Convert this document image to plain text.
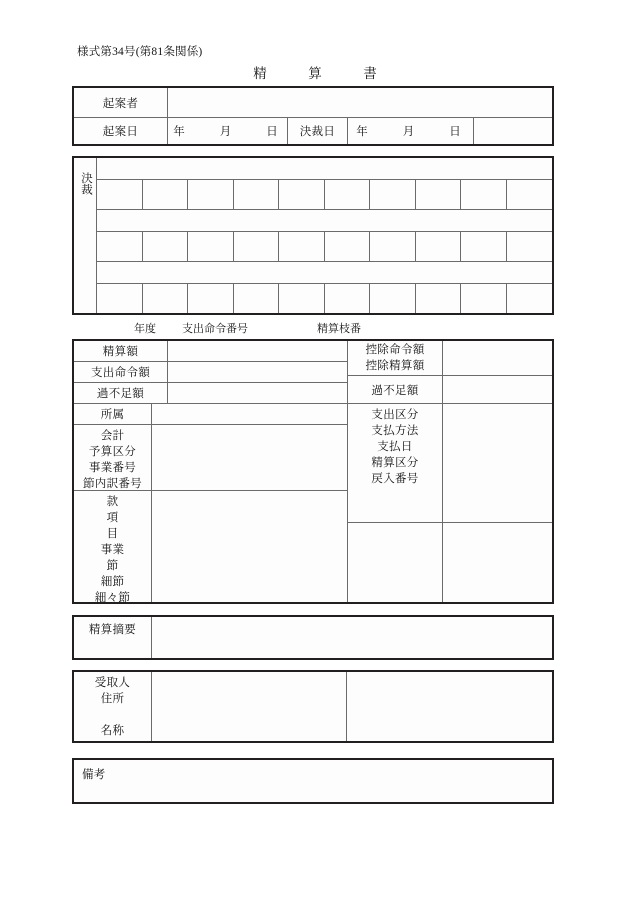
様式第34号(第81条関係)
精　算　書
起案者
起案日	年　　月　　日	決裁日	年　　月　　日
決裁
年度 支出命令番号	精算枝番
精算額
支出命令額
過不足額
所属
会計
予算区分
事業番号
節内訳番号
款
項
目
事業
節
細節
細々節
控除命令額
控除精算額
過不足額
支出区分
支払方法
支払日
精算区分
戻入番号
精算摘要
受取人
住所
名称
備考
